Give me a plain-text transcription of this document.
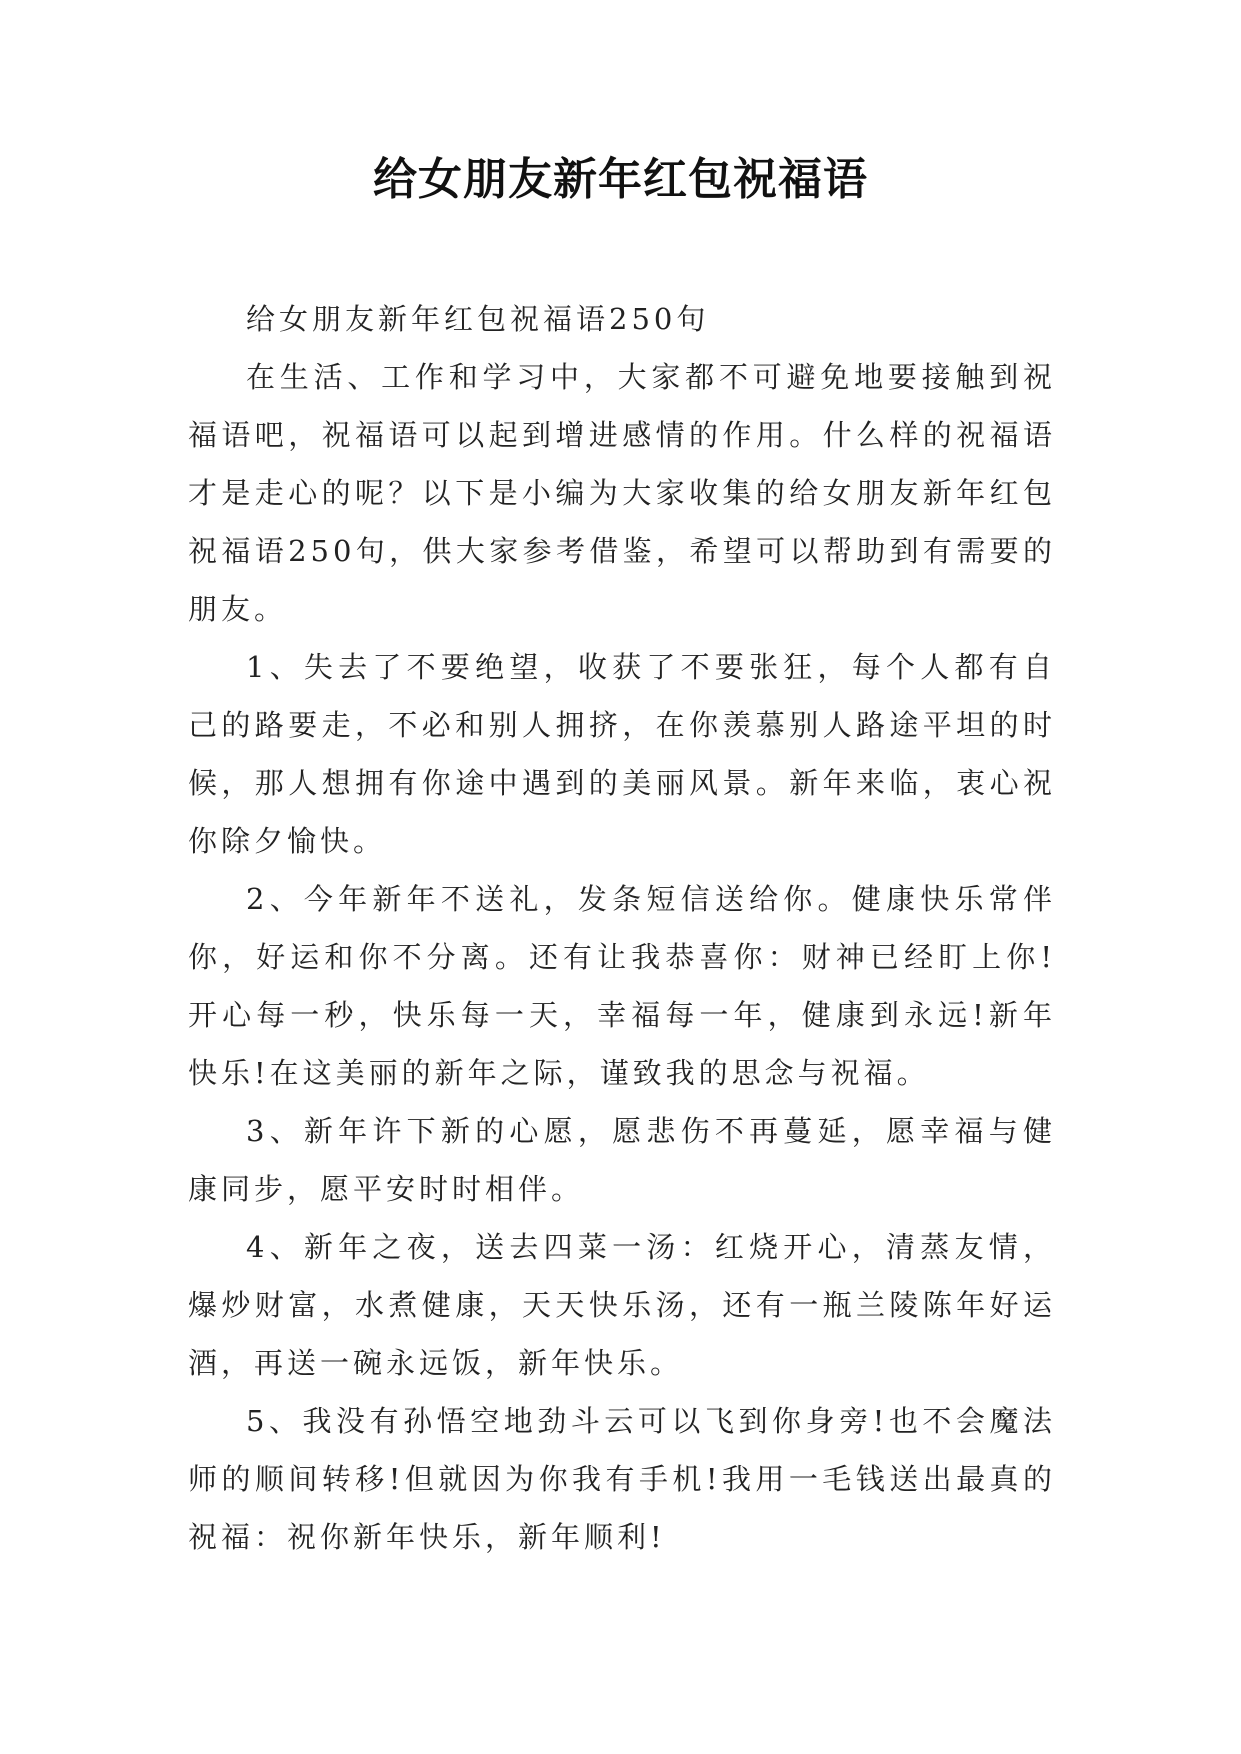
给女朋友新年红包祝福语

给女朋友新年红包祝福语250句

在生活、工作和学习中，大家都不可避免地要接触到祝福语吧，祝福语可以起到增进感情的作用。什么样的祝福语才是走心的呢？以下是小编为大家收集的给女朋友新年红包祝福语250句，供大家参考借鉴，希望可以帮助到有需要的朋友。

1、失去了不要绝望，收获了不要张狂，每个人都有自己的路要走，不必和别人拥挤，在你羡慕别人路途平坦的时候，那人想拥有你途中遇到的美丽风景。新年来临，衷心祝你除夕愉快。

2、今年新年不送礼，发条短信送给你。健康快乐常伴你，好运和你不分离。还有让我恭喜你：财神已经盯上你!开心每一秒，快乐每一天，幸福每一年，健康到永远!新年快乐!在这美丽的新年之际，谨致我的思念与祝福。

3、新年许下新的心愿，愿悲伤不再蔓延，愿幸福与健康同步，愿平安时时相伴。

4、新年之夜，送去四菜一汤：红烧开心，清蒸友情，爆炒财富，水煮健康，天天快乐汤，还有一瓶兰陵陈年好运酒，再送一碗永远饭，新年快乐。

5、我没有孙悟空地劲斗云可以飞到你身旁!也不会魔法师的顺间转移!但就因为你我有手机!我用一毛钱送出最真的祝福：祝你新年快乐，新年顺利!
